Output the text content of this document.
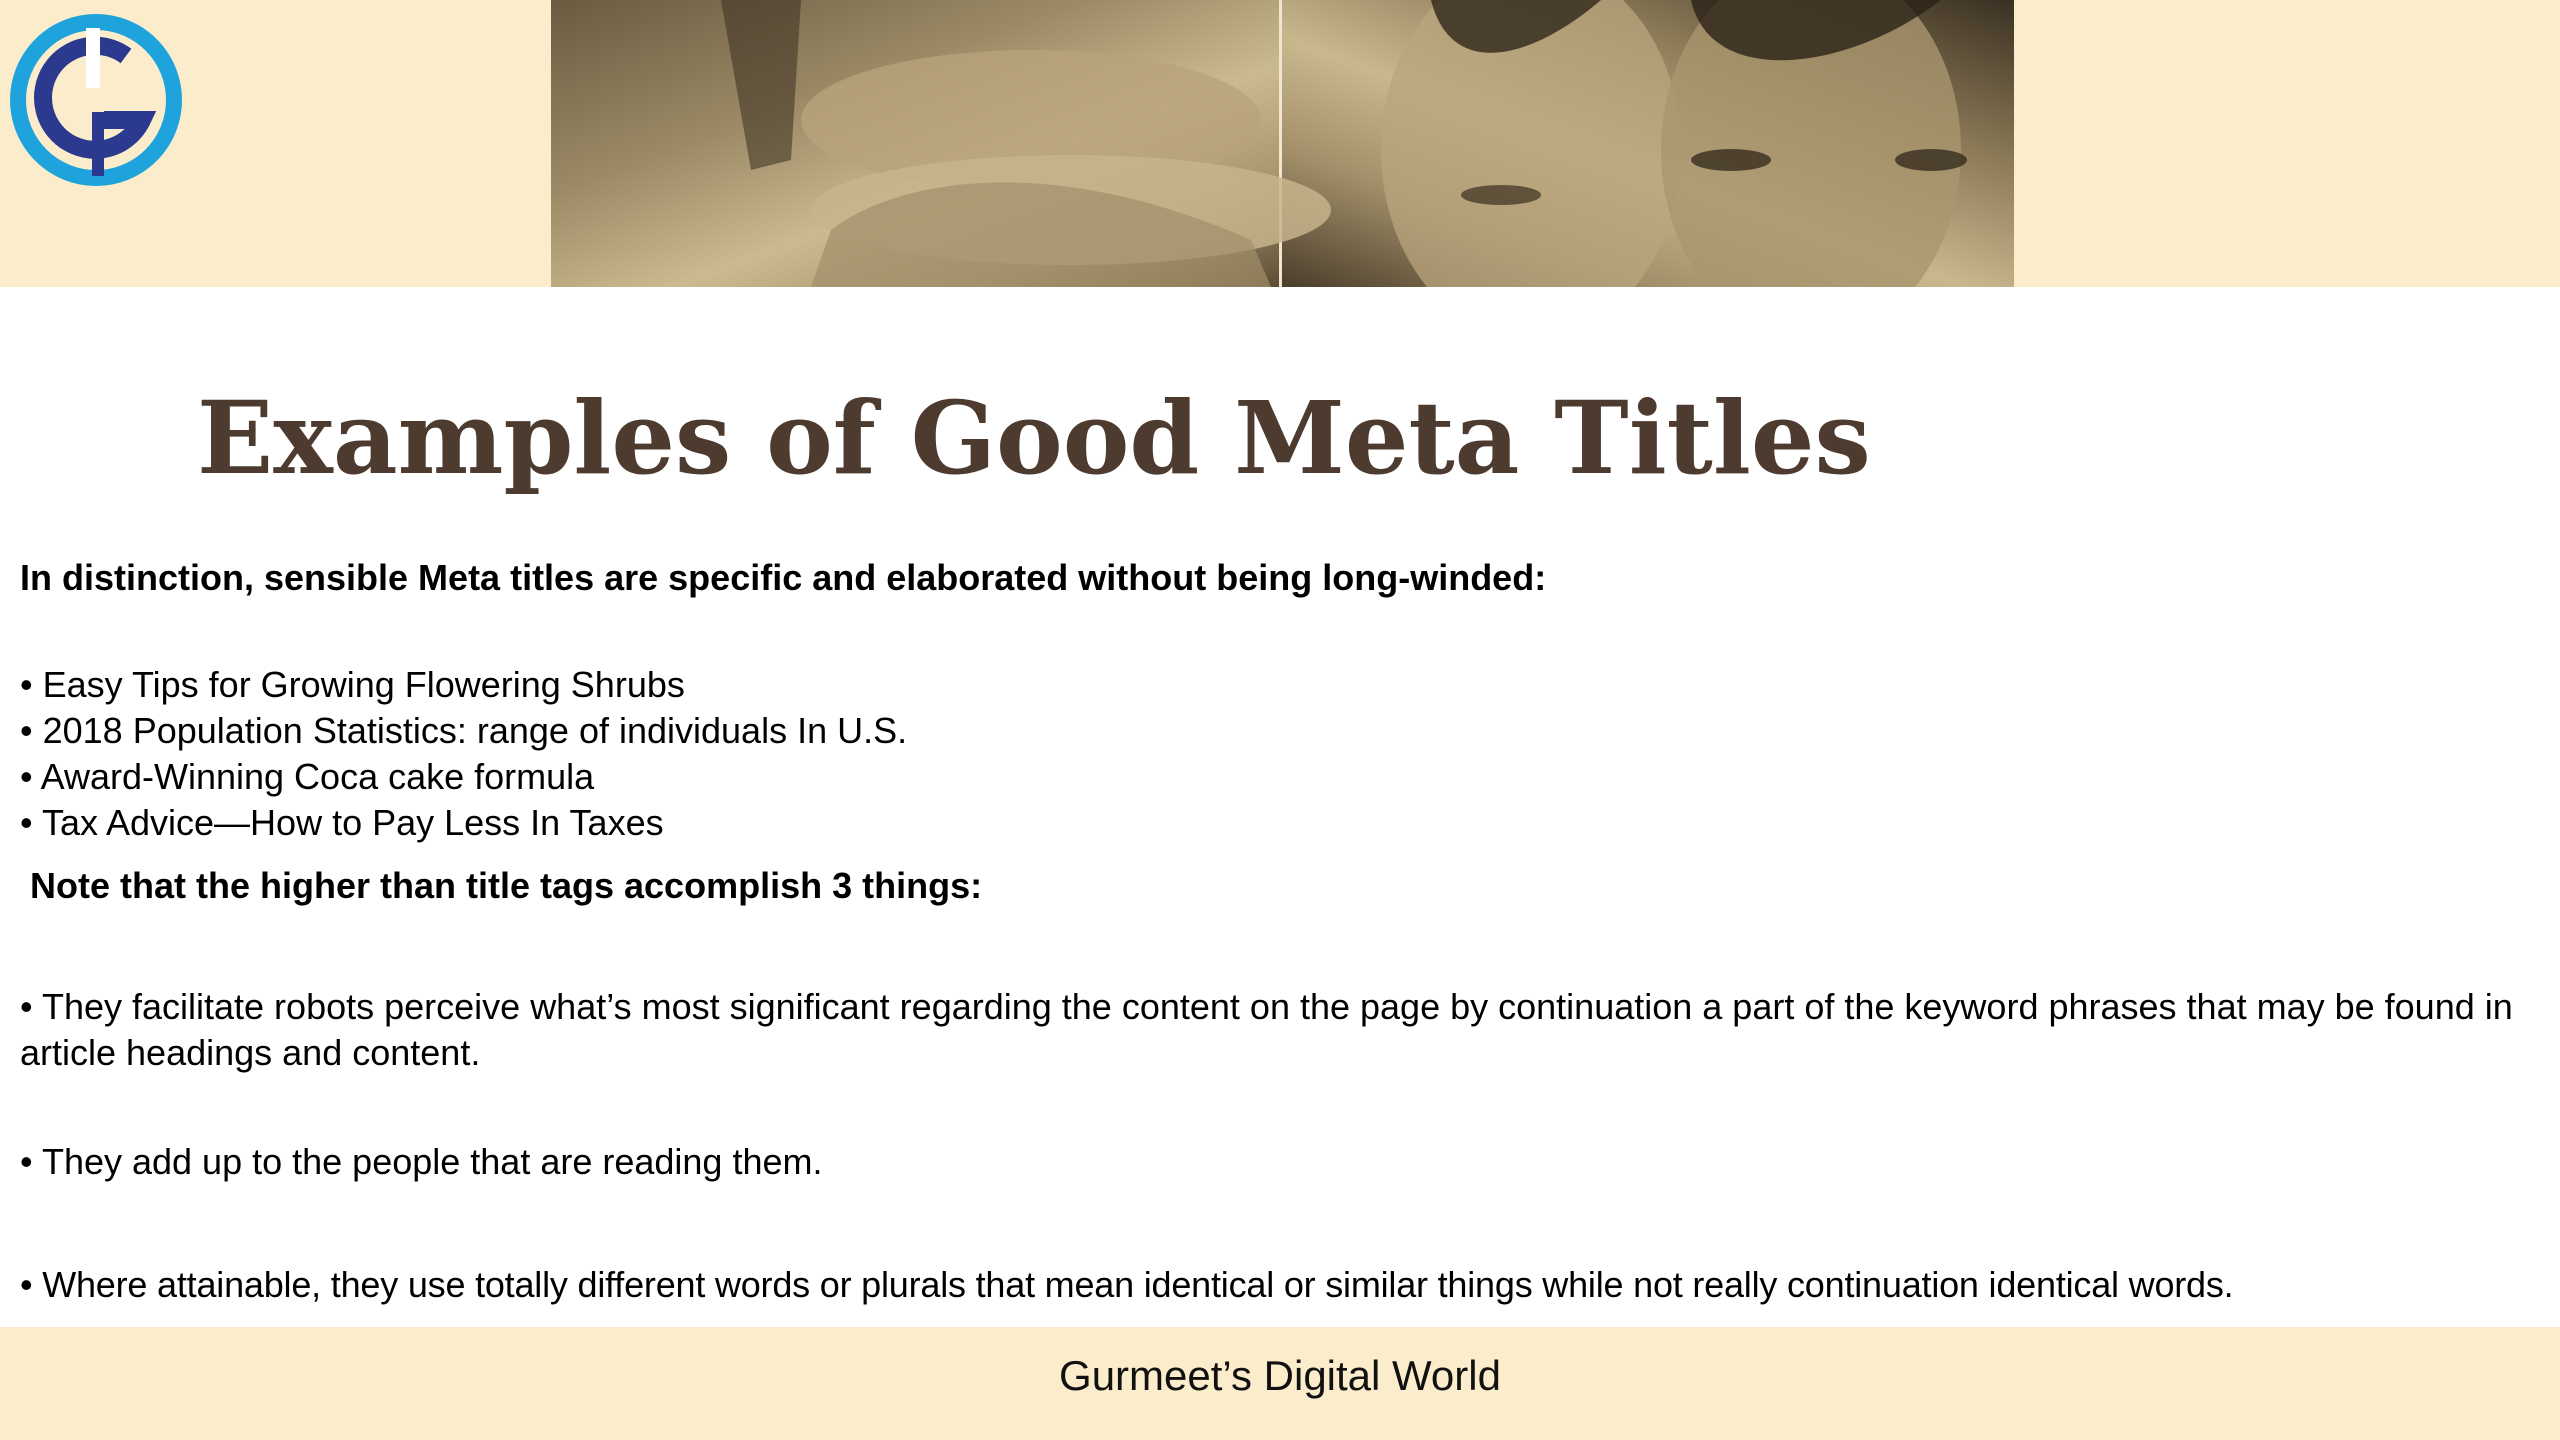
Examples of Good Meta Titles

In distinction, sensible Meta titles are specific and elaborated without being long-winded:

• Easy Tips for Growing Flowering Shrubs
• 2018 Population Statistics: range of individuals In U.S.
• Award-Winning Coca cake formula
• Tax Advice—How to Pay Less In Taxes

Note that the higher than title tags accomplish 3 things:

• They facilitate robots perceive what’s most significant regarding the content on the page by continuation a part of the keyword phrases that may be found in article headings and content.

• They add up to the people that are reading them.

• Where attainable, they use totally different words or plurals that mean identical or similar things while not really continuation identical words.

Gurmeet’s Digital World
